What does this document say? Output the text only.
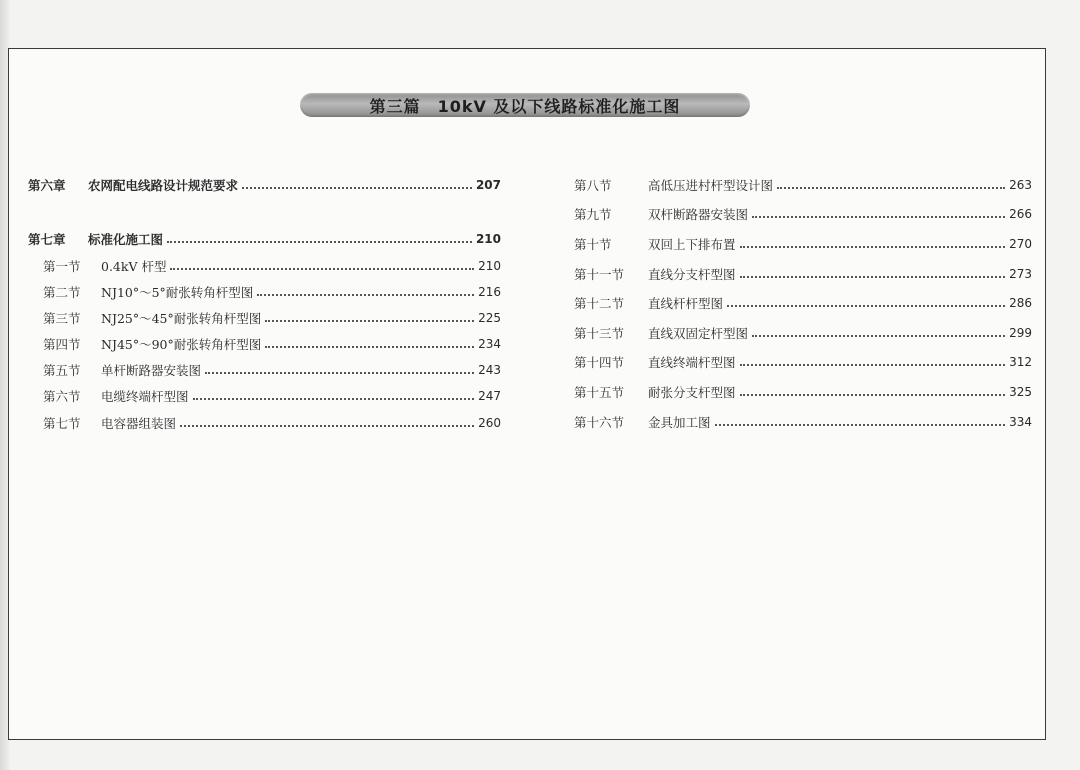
第三篇　10kV 及以下线路标准化施工图
第六章	农网配电线路设计规范要求	207
第七章	标准化施工图	210
第一节	0.4kV 杆型	210
第二节	NJ10°～5°耐张转角杆型图	216
第三节	NJ25°～45°耐张转角杆型图	225
第四节	NJ45°～90°耐张转角杆型图	234
第五节	单杆断路器安装图	243
第六节	电缆终端杆型图	247
第七节	电容器组装图	260
第八节	高低压进村杆型设计图	263
第九节	双杆断路器安装图	266
第十节	双回上下排布置	270
第十一节	直线分支杆型图	273
第十二节	直线杆杆型图	286
第十三节	直线双固定杆型图	299
第十四节	直线终端杆型图	312
第十五节	耐张分支杆型图	325
第十六节	金具加工图	334
